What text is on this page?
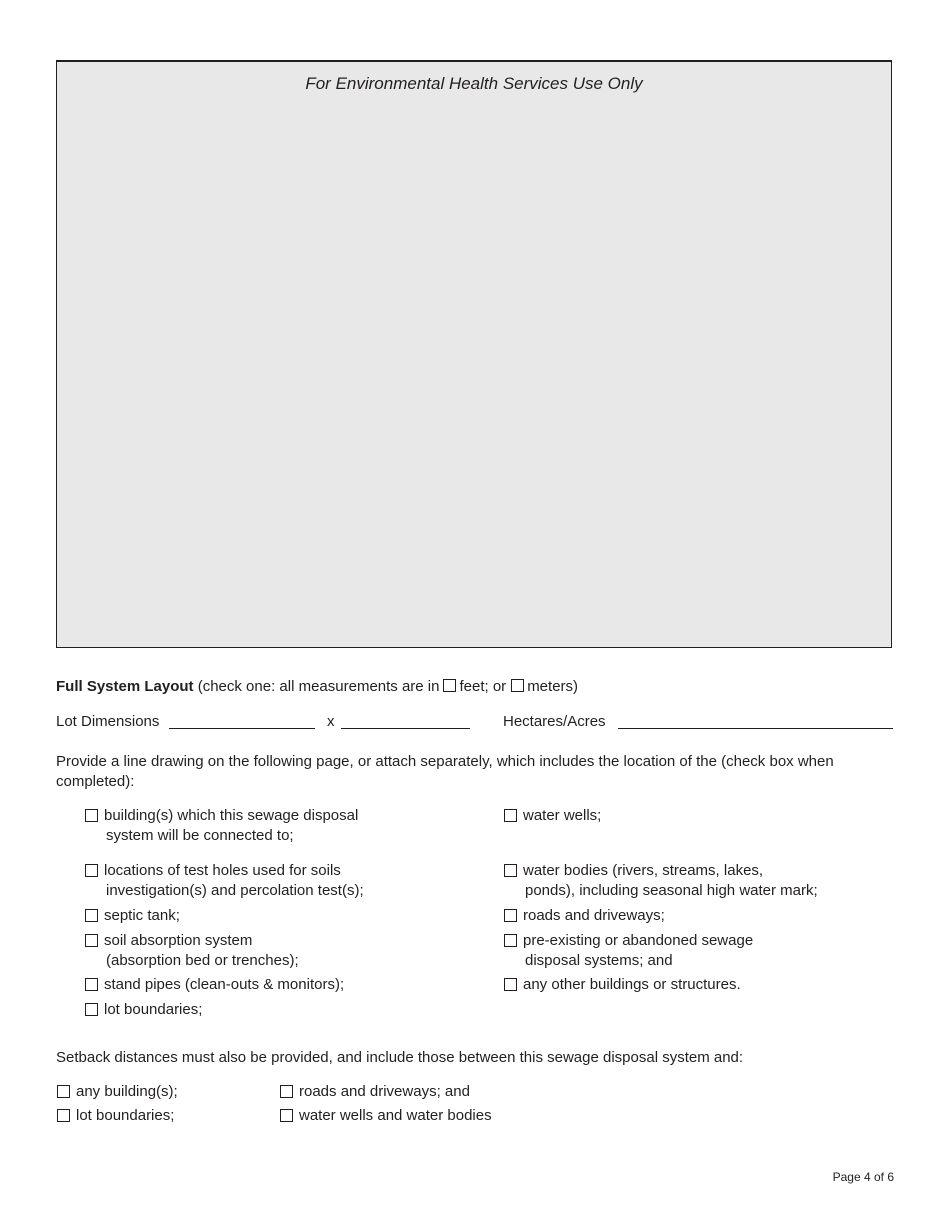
For Environmental Health Services Use Only
Full System Layout (check one: all measurements are in feet; or meters)
Lot Dimensions	x	Hectares/Acres
Provide a line drawing on the following page, or attach separately, which includes the location of the (check box when
completed):
building(s) which this sewage disposal
system will be connected to;
locations of test holes used for soils
investigation(s) and percolation test(s);
septic tank;
soil absorption system
(absorption bed or trenches);
stand pipes (clean-outs & monitors);
lot boundaries;
water wells;
water bodies (rivers, streams, lakes,
ponds), including seasonal high water mark;
roads and driveways;
pre-existing or abandoned sewage
disposal systems; and
any other buildings or structures.
Setback distances must also be provided, and include those between this sewage disposal system and:
any building(s);	roads and driveways; and
lot boundaries;	water wells and water bodies
Page 4 of 6
